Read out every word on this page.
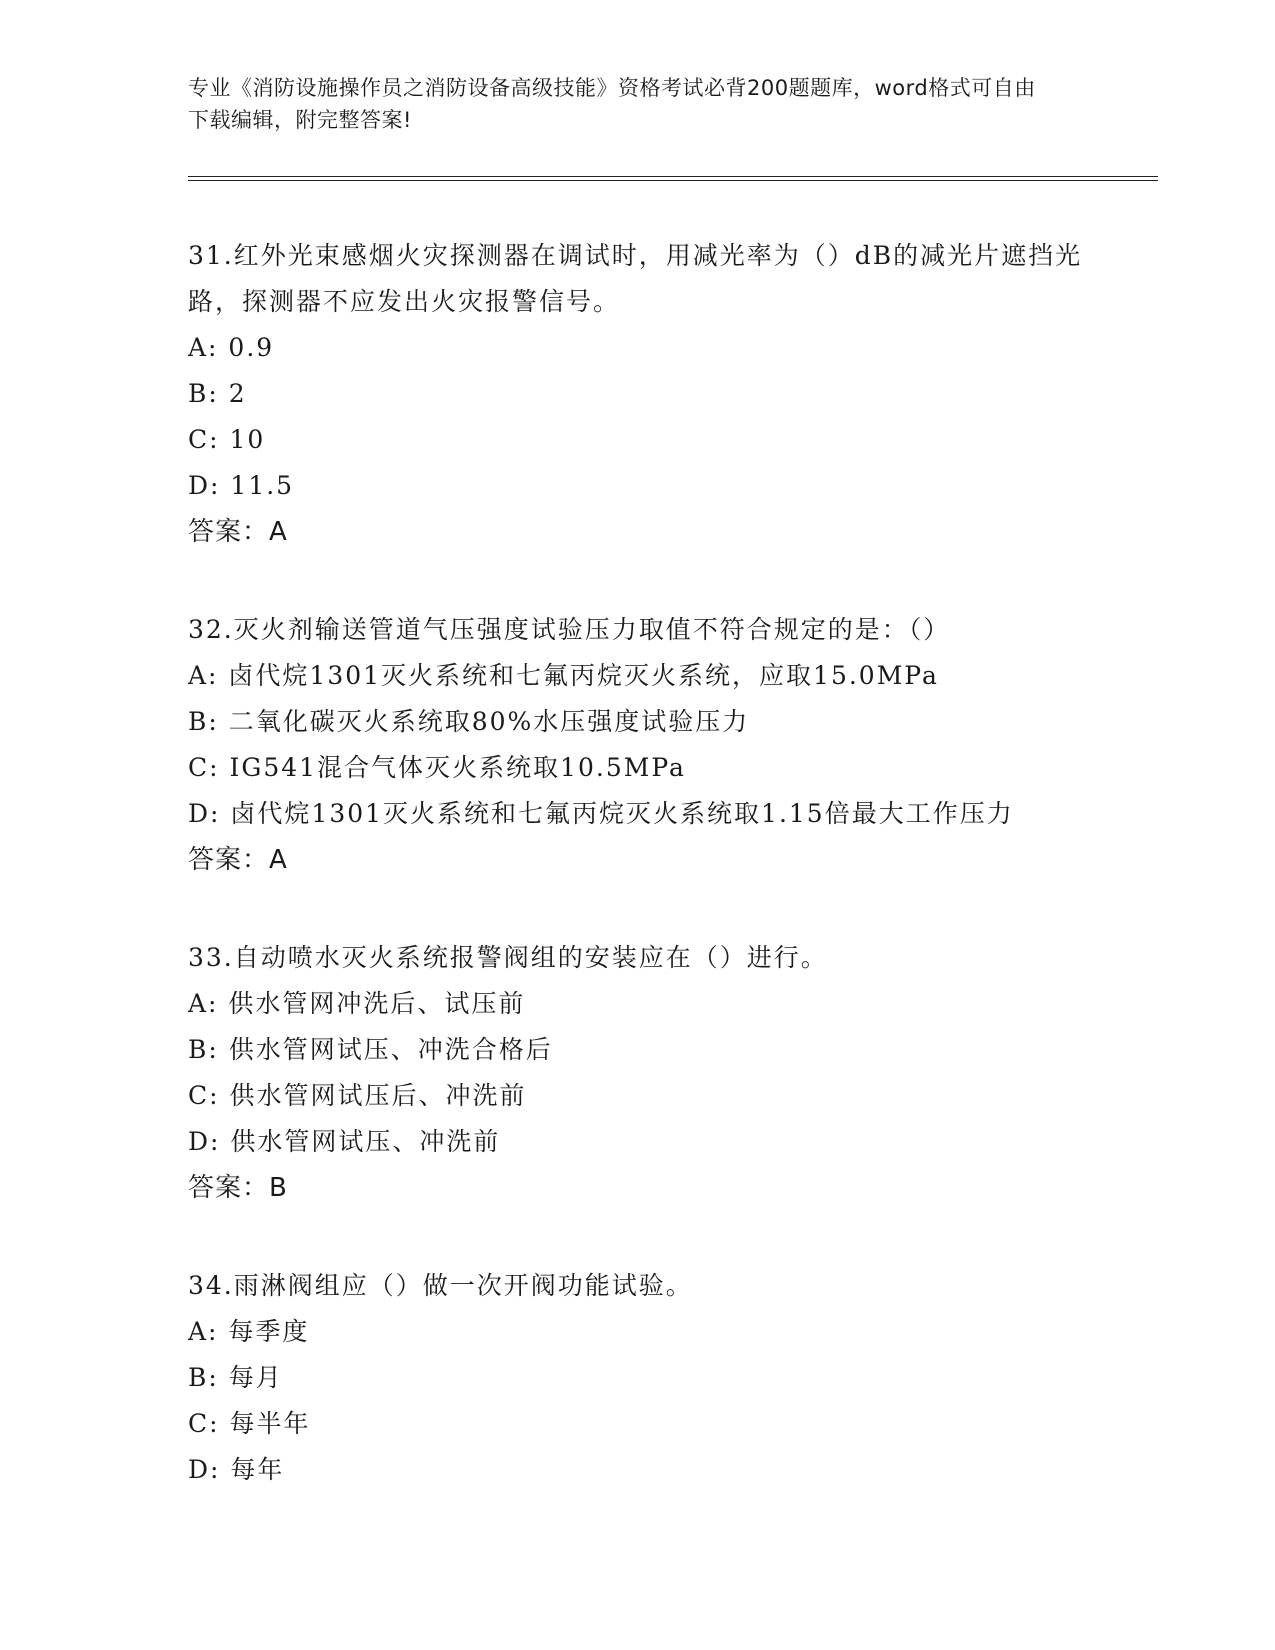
专业《消防设施操作员之消防设备高级技能》资格考试必背200题题库，word格式可自由下载编辑，附完整答案!

31.红外光束感烟火灾探测器在调试时，用减光率为（）dB的减光片遮挡光路，探测器不应发出火灾报警信号。

A: 0.9

B: 2

C: 10

D: 11.5

答案：A

32.灭火剂输送管道气压强度试验压力取值不符合规定的是：（）

A: 卤代烷1301灭火系统和七氟丙烷灭火系统，应取15.0MPa

B: 二氧化碳灭火系统取80%水压强度试验压力

C: IG541混合气体灭火系统取10.5MPa

D: 卤代烷1301灭火系统和七氟丙烷灭火系统取1.15倍最大工作压力

答案：A

33.自动喷水灭火系统报警阀组的安装应在（）进行。

A: 供水管网冲洗后、试压前

B: 供水管网试压、冲洗合格后

C: 供水管网试压后、冲洗前

D: 供水管网试压、冲洗前

答案：B

34.雨淋阀组应（）做一次开阀功能试验。

A: 每季度

B: 每月

C: 每半年

D: 每年
